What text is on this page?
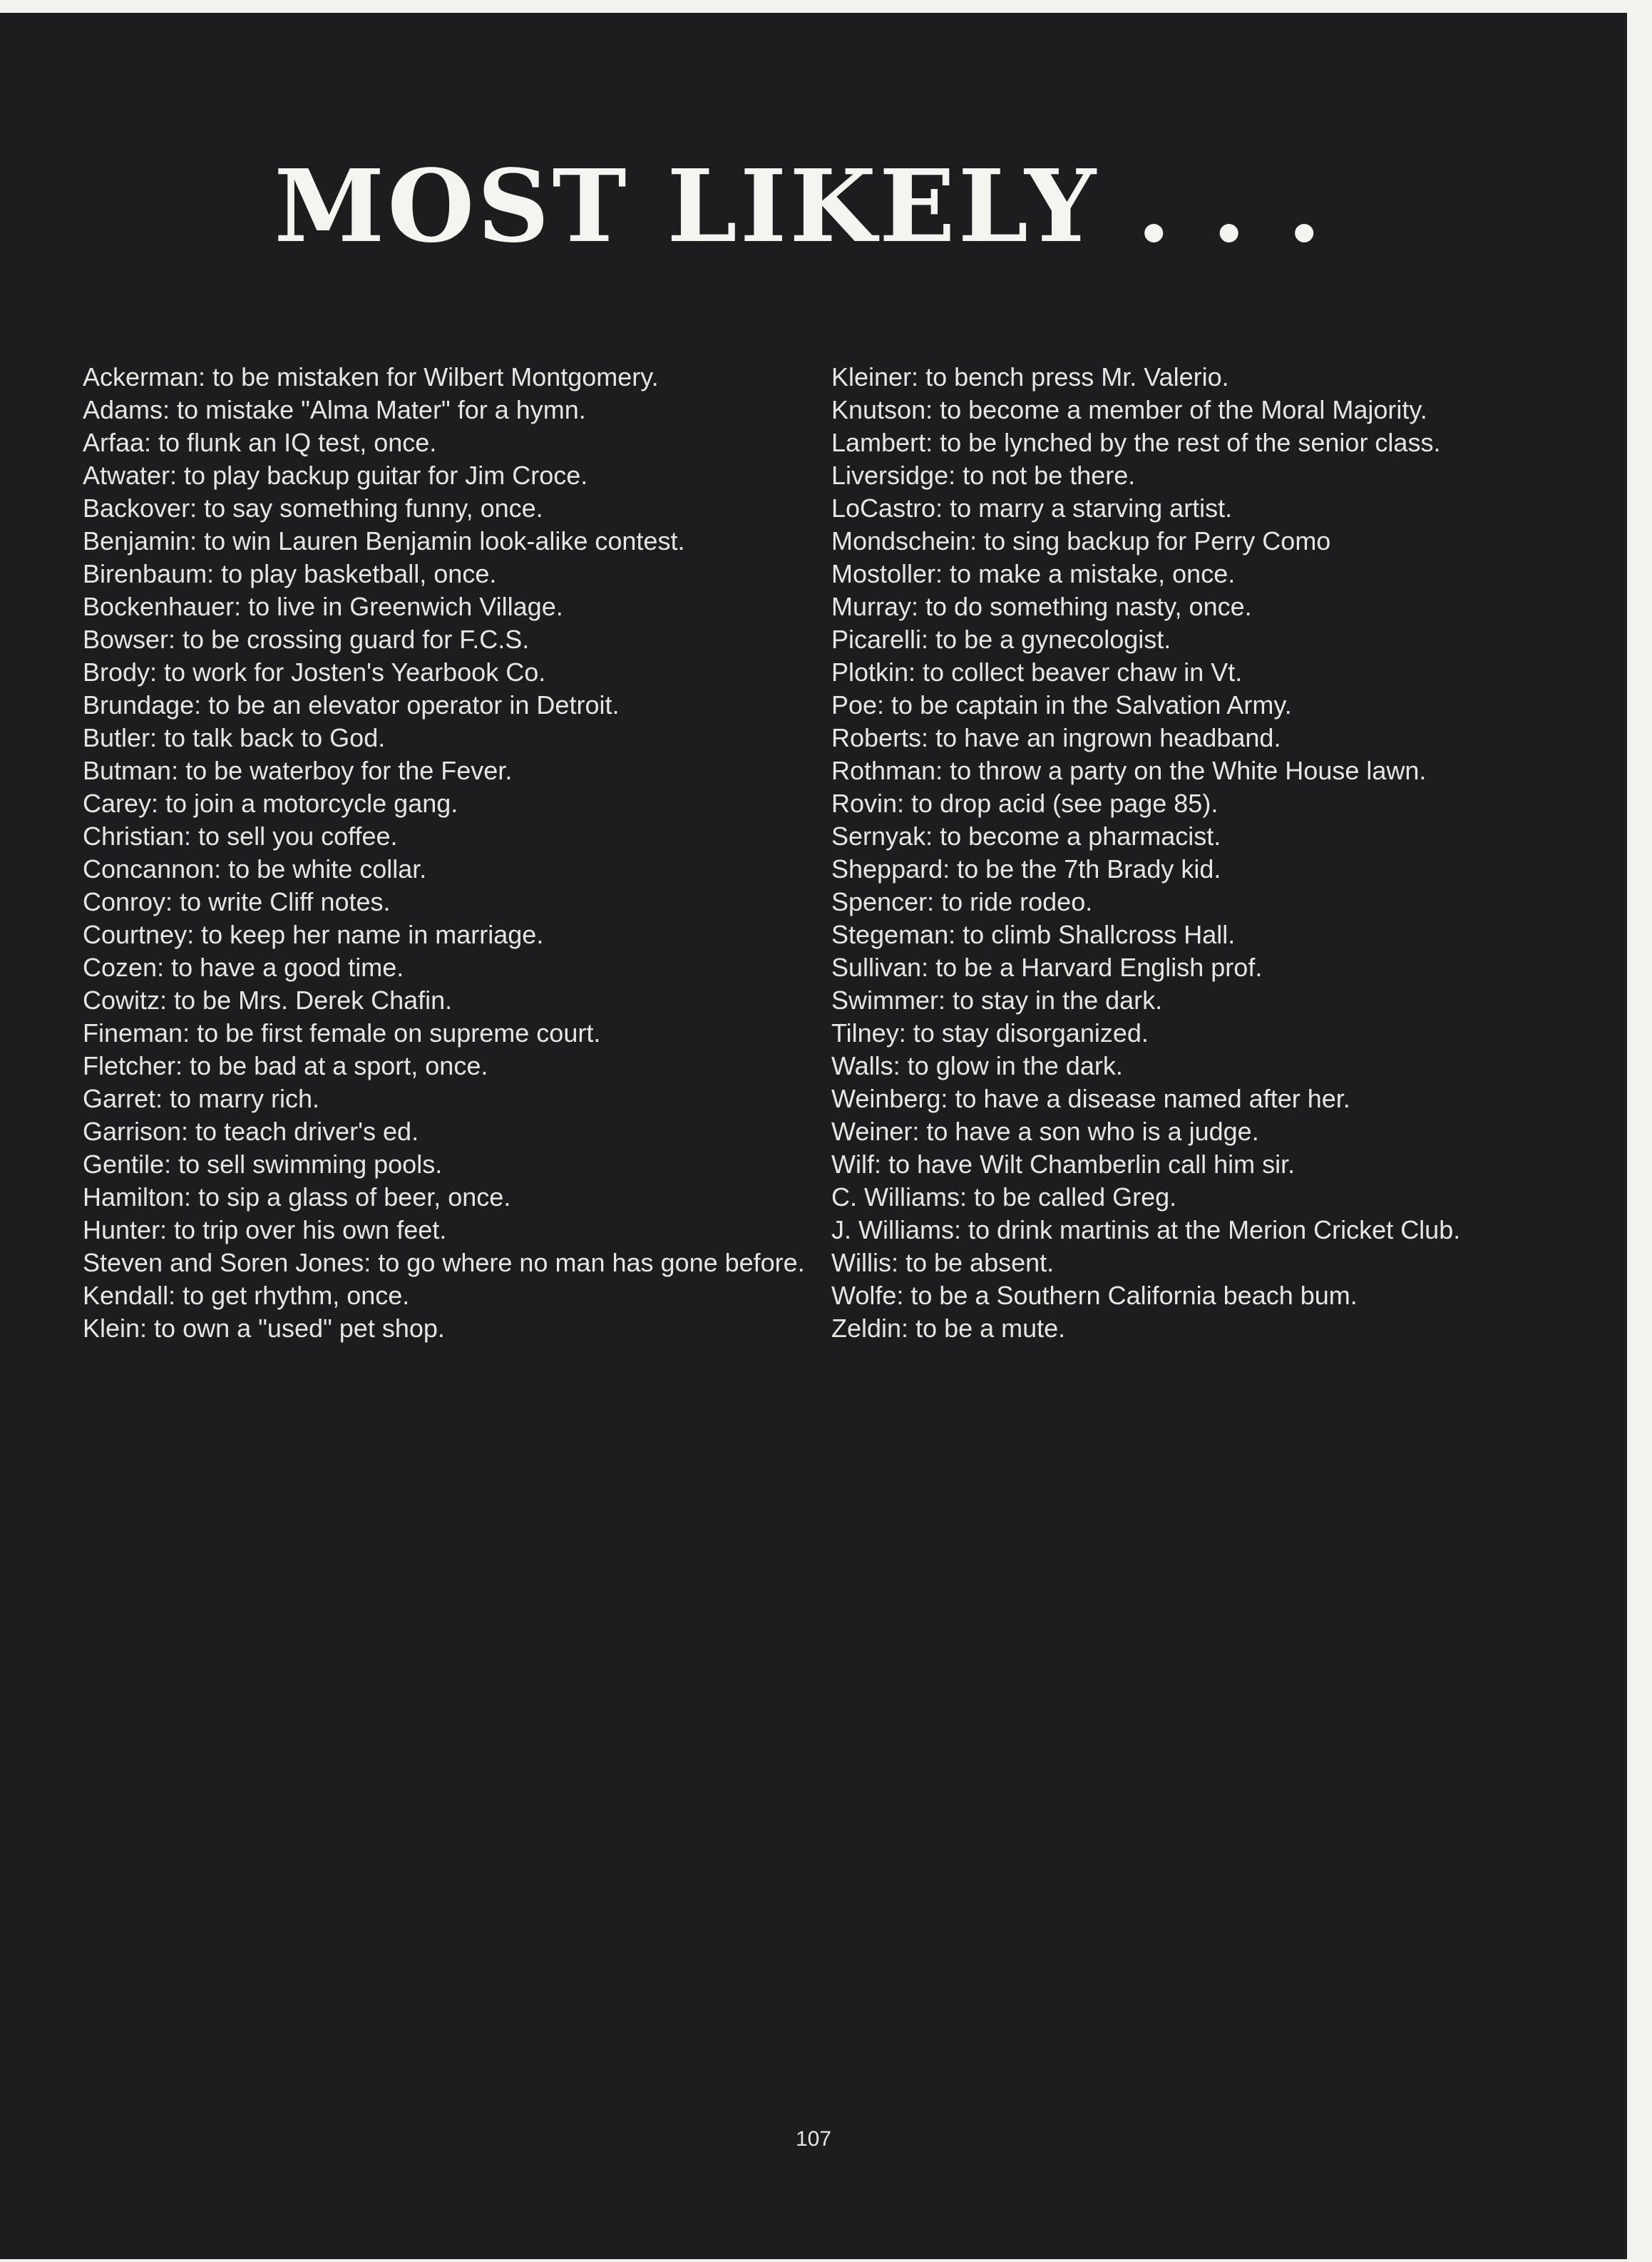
MOST LIKELY . . .
Ackerman: to be mistaken for Wilbert Montgomery.
Adams: to mistake "Alma Mater" for a hymn.
Arfaa: to flunk an IQ test, once.
Atwater: to play backup guitar for Jim Croce.
Backover: to say something funny, once.
Benjamin: to win Lauren Benjamin look-alike contest.
Birenbaum: to play basketball, once.
Bockenhauer: to live in Greenwich Village.
Bowser: to be crossing guard for F.C.S.
Brody: to work for Josten's Yearbook Co.
Brundage: to be an elevator operator in Detroit.
Butler: to talk back to God.
Butman: to be waterboy for the Fever.
Carey: to join a motorcycle gang.
Christian: to sell you coffee.
Concannon: to be white collar.
Conroy: to write Cliff notes.
Courtney: to keep her name in marriage.
Cozen: to have a good time.
Cowitz: to be Mrs. Derek Chafin.
Fineman: to be first female on supreme court.
Fletcher: to be bad at a sport, once.
Garret: to marry rich.
Garrison: to teach driver's ed.
Gentile: to sell swimming pools.
Hamilton: to sip a glass of beer, once.
Hunter: to trip over his own feet.
Steven and Soren Jones: to go where no man has gone before.
Kendall: to get rhythm, once.
Klein: to own a "used" pet shop.
Kleiner: to bench press Mr. Valerio.
Knutson: to become a member of the Moral Majority.
Lambert: to be lynched by the rest of the senior class.
Liversidge: to not be there.
LoCastro: to marry a starving artist.
Mondschein: to sing backup for Perry Como
Mostoller: to make a mistake, once.
Murray: to do something nasty, once.
Picarelli: to be a gynecologist.
Plotkin: to collect beaver chaw in Vt.
Poe: to be captain in the Salvation Army.
Roberts: to have an ingrown headband.
Rothman: to throw a party on the White House lawn.
Rovin: to drop acid (see page 85).
Sernyak: to become a pharmacist.
Sheppard: to be the 7th Brady kid.
Spencer: to ride rodeo.
Stegeman: to climb Shallcross Hall.
Sullivan: to be a Harvard English prof.
Swimmer: to stay in the dark.
Tilney: to stay disorganized.
Walls: to glow in the dark.
Weinberg: to have a disease named after her.
Weiner: to have a son who is a judge.
Wilf: to have Wilt Chamberlin call him sir.
C. Williams: to be called Greg.
J. Williams: to drink martinis at the Merion Cricket Club.
Willis: to be absent.
Wolfe: to be a Southern California beach bum.
Zeldin: to be a mute.
107
